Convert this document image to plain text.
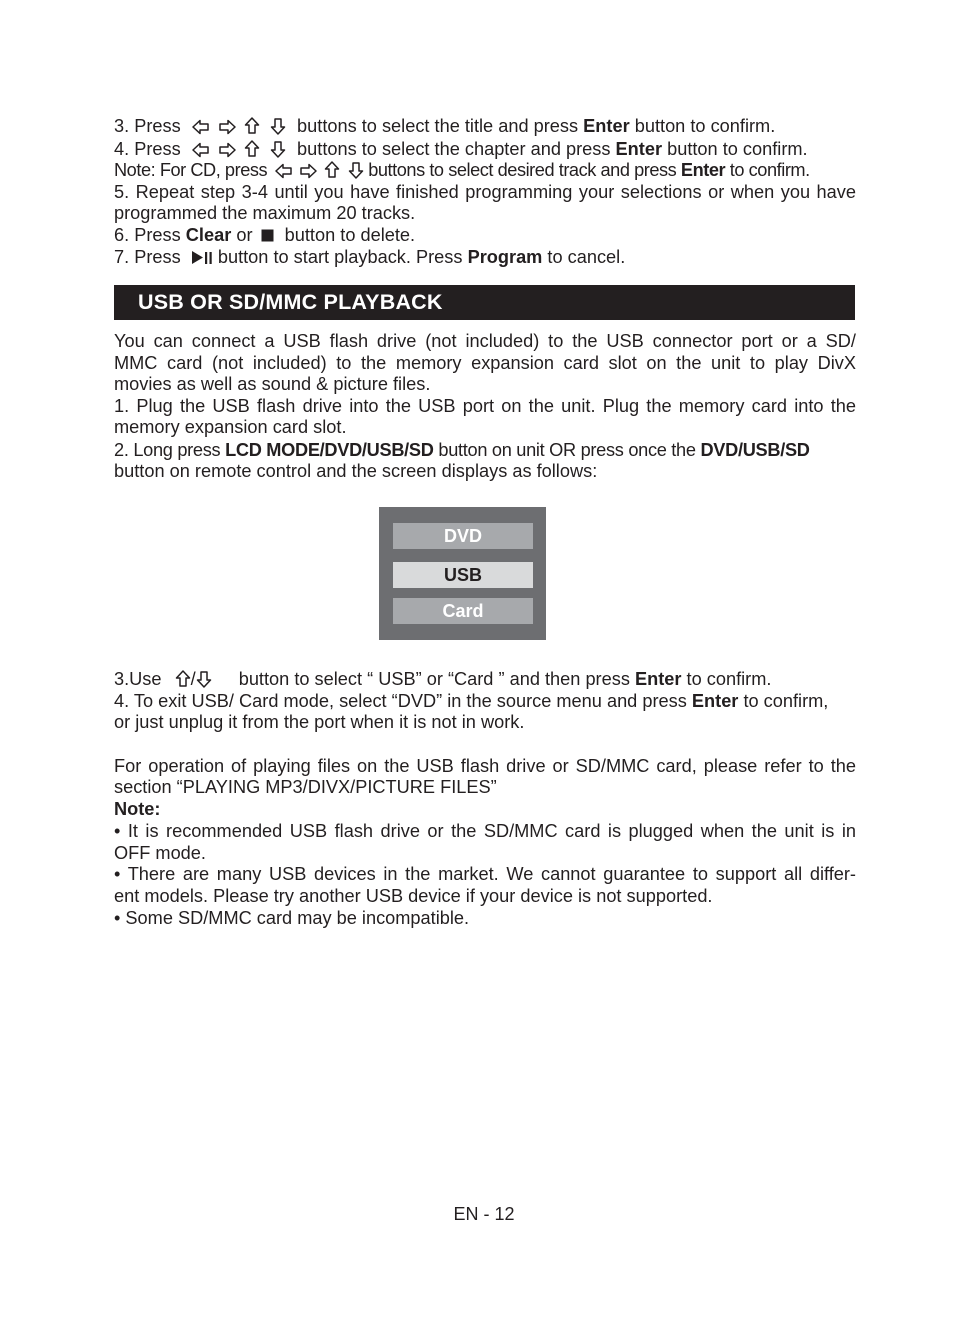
3. Press

	buttons to select the title and press Enter button to confirm.
4. Press

	buttons to select the chapter and press Enter button to confirm.
Note: For CD, press

	buttons to select desired track and press Enter to confirm.
5. Repeat step 3-4 until you have finished programming your selections or when you have
programmed the maximum 20 tracks.
6. Press Clear or button to delete.
7. Press button to start playback. Press Program to cancel.
USB OR SD/MMC PLAYBACK
You can connect a USB flash drive (not included) to the USB connector port or a SD/
MMC card (not included) to the memory expansion card slot on the unit to play DivX
movies as well as sound & picture files.
1. Plug the USB flash drive into the USB port on the unit. Plug the memory card into the
memory expansion card slot.
2. Long press LCD MODE/DVD/USB/SD button on unit OR press once the DVD/USB/SD
button on remote control and the screen displays as follows:
DVD
USB
Card
3.Use / button to select “ USB” or “Card ” and then press Enter to confirm.
4. To exit USB/ Card mode, select “DVD” in the source menu and press Enter to confirm,
or just unplug it from the port when it is not in work.
For operation of playing files on the USB flash drive or SD/MMC card, please refer to the
section “PLAYING MP3/DIVX/PICTURE FILES”
Note:
• It is recommended USB flash drive or the SD/MMC card is plugged when the unit is in
OFF mode.
• There are many USB devices in the market. We cannot guarantee to support all differ-
ent models. Please try another USB device if your device is not supported.
• Some SD/MMC card may be incompatible.
EN - 12
